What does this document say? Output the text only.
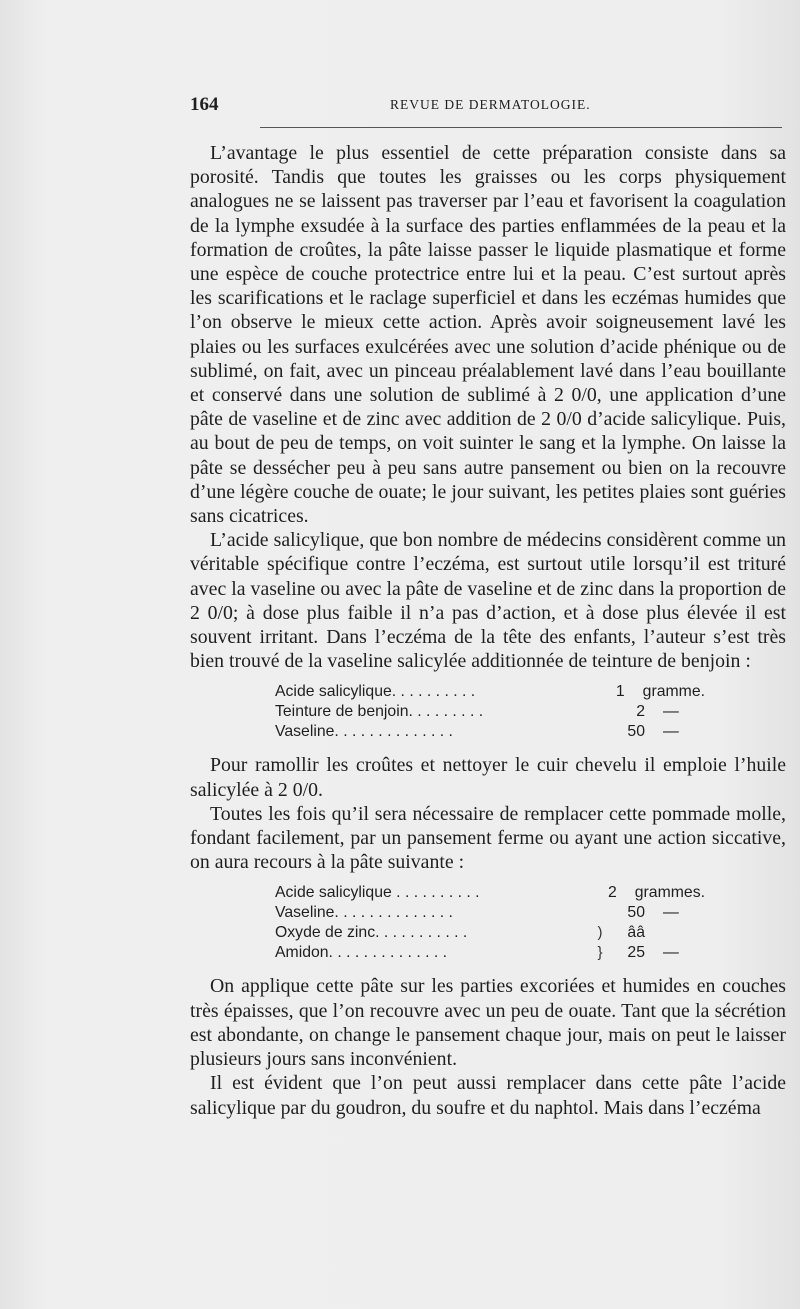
164	REVUE DE DERMATOLOGIE.

L’avantage le plus essentiel de cette préparation consiste dans sa porosité. Tandis que toutes les graisses ou les corps physiquement analogues ne se laissent pas traverser par l’eau et favorisent la coagulation de la lymphe exsudée à la surface des parties enflammées de la peau et la formation de croûtes, la pâte laisse passer le liquide plasmatique et forme une espèce de couche protectrice entre lui et la peau. C’est surtout après les scarifications et le raclage superficiel et dans les eczémas humides que l’on observe le mieux cette action. Après avoir soigneusement lavé les plaies ou les surfaces exulcérées avec une solution d’acide phénique ou de sublimé, on fait, avec un pinceau préalablement lavé dans l’eau bouillante et conservé dans une solution de sublimé à 2 0/0, une application d’une pâte de vaseline et de zinc avec addition de 2 0/0 d’acide salicylique. Puis, au bout de peu de temps, on voit suinter le sang et la lymphe. On laisse la pâte se dessécher peu à peu sans autre pansement ou bien on la recouvre d’une légère couche de ouate; le jour suivant, les petites plaies sont guéries sans cicatrices.

L’acide salicylique, que bon nombre de médecins considèrent comme un véritable spécifique contre l’eczéma, est surtout utile lorsqu’il est trituré avec la vaseline ou avec la pâte de vaseline et de zinc dans la proportion de 2 0/0; à dose plus faible il n’a pas d’action, et à dose plus élevée il est souvent irritant. Dans l’eczéma de la tête des enfants, l’auteur s’est très bien trouvé de la vaseline salicylée additionnée de teinture de benjoin :

Acide salicylique. . . . . . . . . .	1	gramme.
Teinture de benjoin. . . . . . . . .	2	—
Vaseline. . . . . . . . . . . . . .	50	—

Pour ramollir les croûtes et nettoyer le cuir chevelu il emploie l’huile salicylée à 2 0/0.

Toutes les fois qu’il sera nécessaire de remplacer cette pommade molle, fondant facilement, par un pansement ferme ou ayant une action siccative, on aura recours à la pâte suivante :

Acide salicylique . . . . . . . . . .	2	grammes.
Vaseline. . . . . . . . . . . . . .	50	—
Oxyde de zinc. . . . . . . . . . .	)	ââ
Amidon. . . . . . . . . . . . . .	}	25	—

On applique cette pâte sur les parties excoriées et humides en couches très épaisses, que l’on recouvre avec un peu de ouate. Tant que la sécrétion est abondante, on change le pansement chaque jour, mais on peut le laisser plusieurs jours sans inconvénient.

Il est évident que l’on peut aussi remplacer dans cette pâte l’acide salicylique par du goudron, du soufre et du naphtol. Mais dans l’eczéma
